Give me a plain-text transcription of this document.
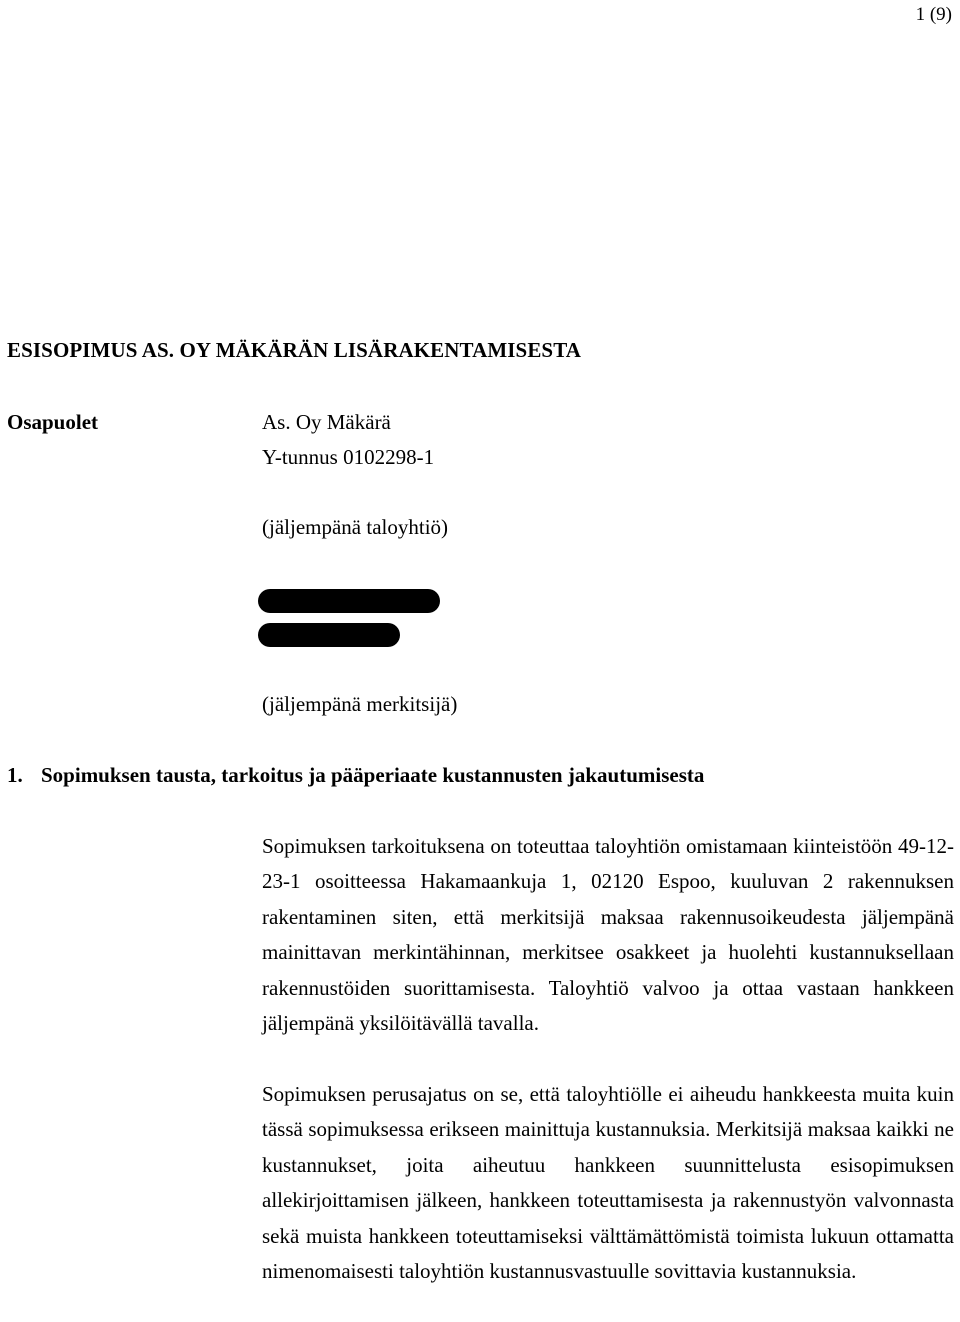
1 (9)
ESISOPIMUS AS. OY MÄKÄRÄN LISÄRAKENTAMISESTA
Osapuolet	As. Oy Mäkärä
Y-tunnus 0102298-1
(jäljempänä taloyhtiö)
(jäljempänä merkitsijä)
1. Sopimuksen tausta, tarkoitus ja pääperiaate kustannusten jakautumisesta

Sopimuksen tarkoituksena on toteuttaa taloyhtiön omistamaan kiinteistöön 49-12-23-1 osoitteessa Hakamaankuja 1, 02120 Espoo, kuuluvan 2 rakennuksen rakentaminen siten, että merkitsijä maksaa rakennusoikeudesta jäljempänä mainittavan merkintähinnan, merkitsee osakkeet ja huolehti kustannuksellaan rakennustöiden suorittamisesta. Taloyhtiö valvoo ja ottaa vastaan hankkeen jäljempänä yksilöitävällä tavalla.

Sopimuksen perusajatus on se, että taloyhtiölle ei aiheudu hankkeesta muita kuin tässä sopimuksessa erikseen mainittuja kustannuksia. Merkitsijä maksaa kaikki ne kustannukset, joita aiheutuu hankkeen suunnittelusta esisopimuksen allekirjoittamisen jälkeen, hankkeen toteuttamisesta ja rakennustyön valvonnasta sekä muista hankkeen toteuttamiseksi välttämättömistä toimista lukuun ottamatta nimenomaisesti taloyhtiön kustannusvastuulle sovittavia kustannuksia.
